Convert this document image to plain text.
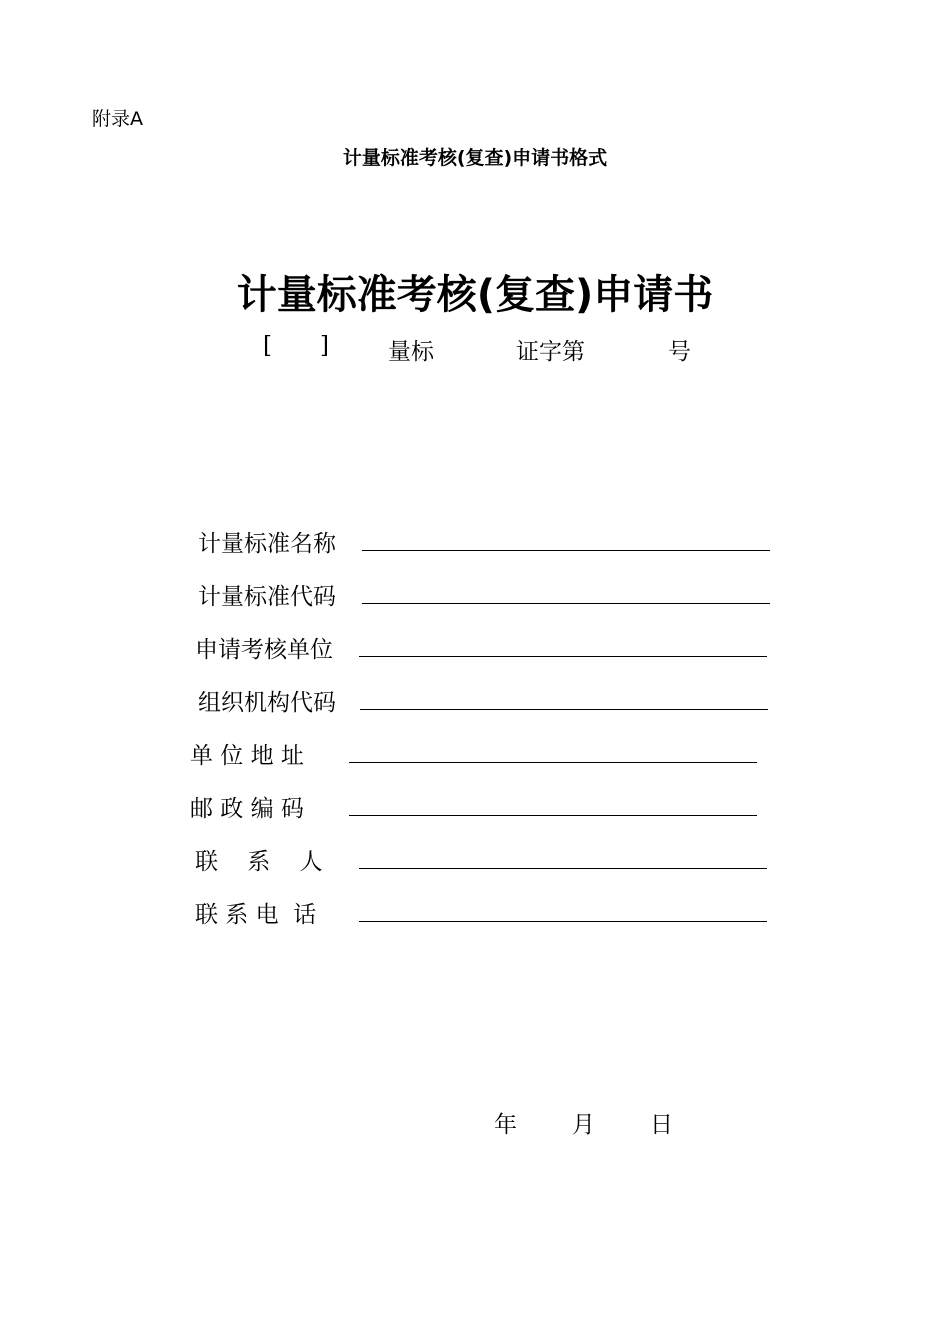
附录A
计量标准考核(复查)申请书格式
计量标准考核(复查)申请书
[ ]	量标	证字第	号
计量标准名称
计量标准代码
申请考核单位
组织机构代码
单 位 地 址
邮 政 编 码
联    系    人
联 系 电  话
年 月 日
